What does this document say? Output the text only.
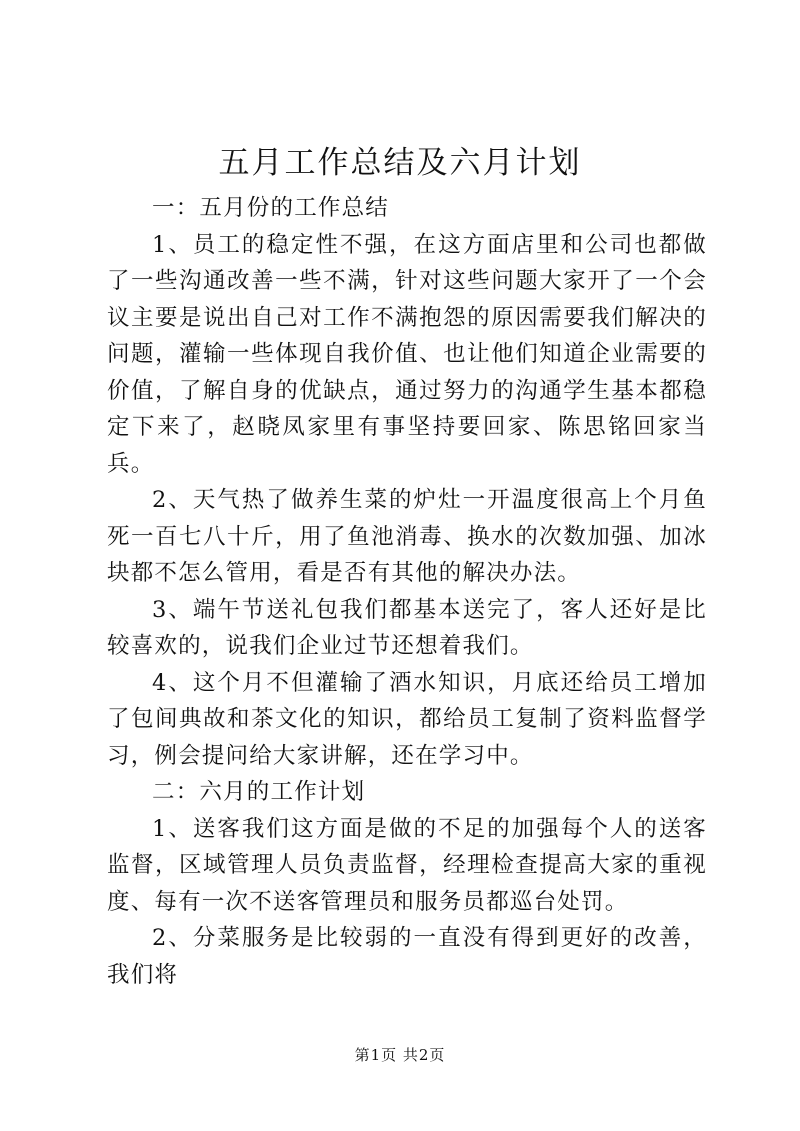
五月工作总结及六月计划

一：五月份的工作总结

1、员工的稳定性不强，在这方面店里和公司也都做了一些沟通改善一些不满，针对这些问题大家开了一个会议主要是说出自己对工作不满抱怨的原因需要我们解决的问题，灌输一些体现自我价值、也让他们知道企业需要的价值，了解自身的优缺点，通过努力的沟通学生基本都稳定下来了，赵晓凤家里有事坚持要回家、陈思铭回家当兵。

2、天气热了做养生菜的炉灶一开温度很高上个月鱼死一百七八十斤，用了鱼池消毒、换水的次数加强、加冰块都不怎么管用，看是否有其他的解决办法。

3、端午节送礼包我们都基本送完了，客人还好是比较喜欢的，说我们企业过节还想着我们。

4、这个月不但灌输了酒水知识，月底还给员工增加了包间典故和茶文化的知识，都给员工复制了资料监督学习，例会提问给大家讲解，还在学习中。

二：六月的工作计划

1、送客我们这方面是做的不足的加强每个人的送客监督，区域管理人员负责监督，经理检查提高大家的重视度、每有一次不送客管理员和服务员都巡台处罚。

2、分菜服务是比较弱的一直没有得到更好的改善，我们将

第1页 共2页
